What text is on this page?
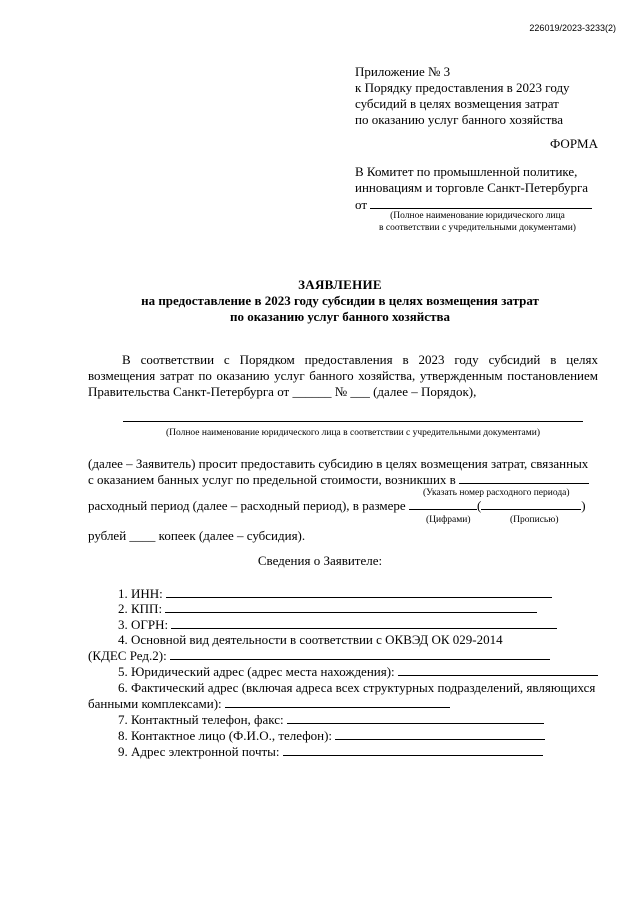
226019/2023-3233(2)
Приложение № 3
к Порядку предоставления в 2023 году
субсидий в целях возмещения затрат
по оказанию услуг банного хозяйства
ФОРМА
В Комитет по промышленной политике,
инновациям и торговле Санкт-Петербурга
от
(Полное наименование юридического лица
в соответствии с учредительными документами)
ЗАЯВЛЕНИЕ
на предоставление в 2023 году субсидии в целях возмещения затрат
по оказанию услуг банного хозяйства
В соответствии с Порядком предоставления в 2023 году субсидий в целях возмещения затрат по оказанию услуг банного хозяйства, утвержденным постановлением Правительства Санкт-Петербурга от ______ № ___ (далее – Порядок),
(Полное наименование юридического лица в соответствии с учредительными документами)
(далее – Заявитель) просит предоставить субсидию в целях возмещения затрат, связанных
с оказанием банных услуг по предельной стоимости, возникших в
(Указать номер расходного периода)
расходный период (далее – расходный период), в размере	(	)
(Цифрами)	(Прописью)
рублей ____ копеек (далее – субсидия).
Сведения о Заявителе:
1. ИНН:
2. КПП:
3. ОГРН:
4. Основной вид деятельности в соответствии с ОКВЭД ОК 029-2014
(КДЕС Ред.2):
5. Юридический адрес (адрес места нахождения):
6. Фактический адрес (включая адреса всех структурных подразделений, являющихся
банными комплексами):
7. Контактный телефон, факс:
8. Контактное лицо (Ф.И.О., телефон):
9. Адрес электронной почты:
